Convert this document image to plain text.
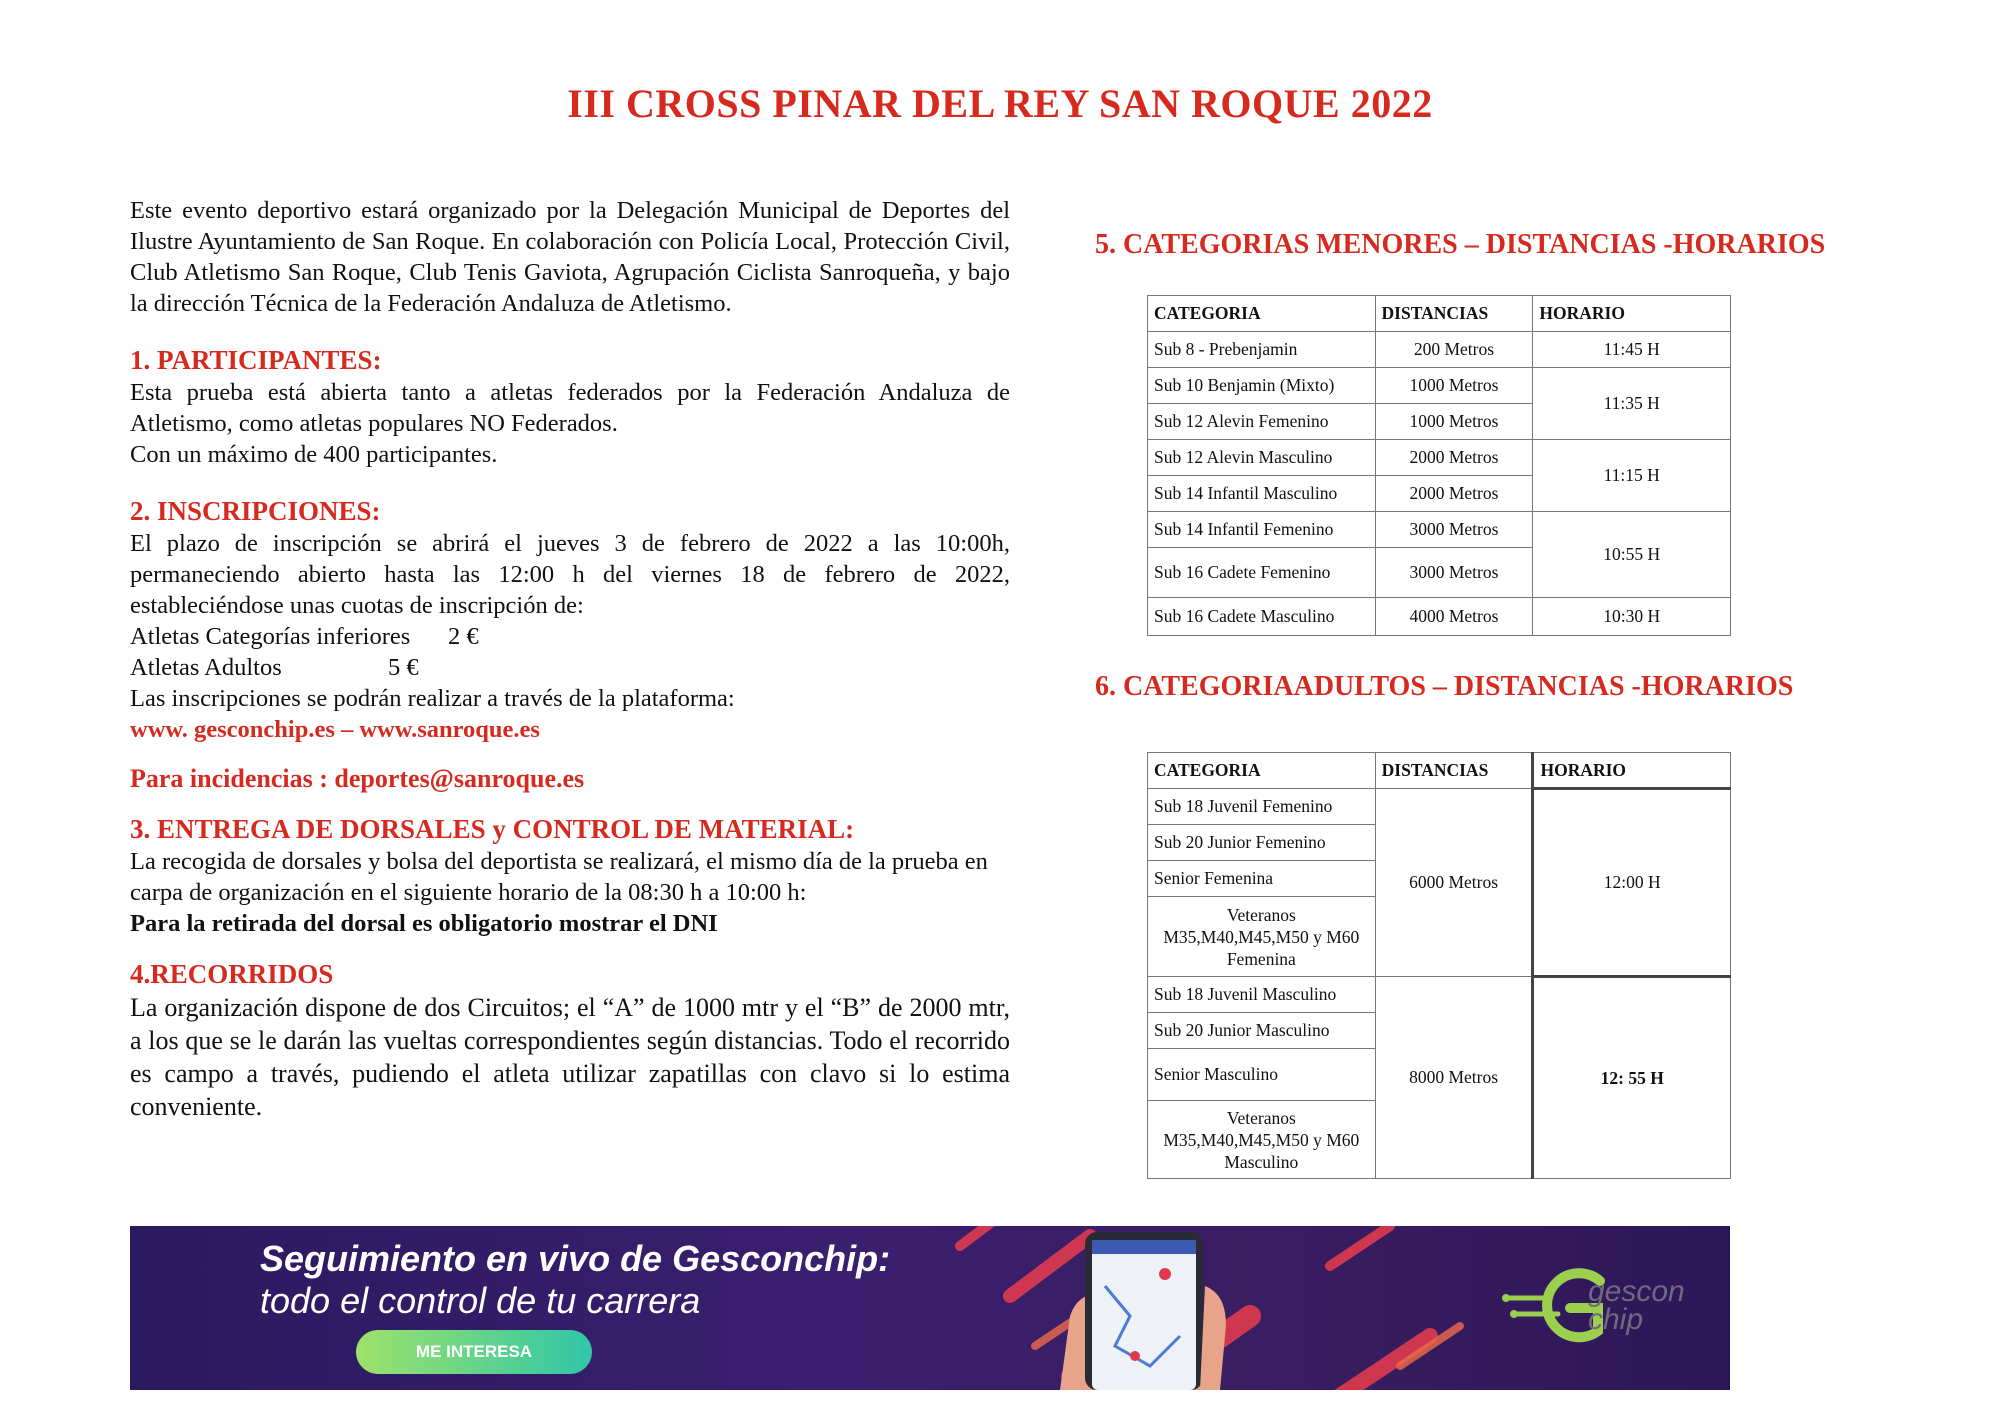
III CROSS PINAR DEL REY SAN ROQUE 2022

Este evento deportivo estará organizado por la Delegación Municipal de Deportes del Ilustre Ayuntamiento de San Roque. En colaboración con Policía Local, Protección Civil, Club Atletismo San Roque, Club Tenis Gaviota, Agrupación Ciclista Sanroqueña, y bajo la dirección Técnica de la Federación Andaluza de Atletismo.

1. PARTICIPANTES:

Esta prueba está abierta tanto a atletas federados por la Federación Andaluza de Atletismo, como atletas populares NO Federados.

Con un máximo de 400 participantes.

2. INSCRIPCIONES:

El plazo de inscripción se abrirá el jueves 3 de febrero de 2022 a las 10:00h, permaneciendo abierto hasta las 12:00 h del viernes 18 de febrero de 2022, estableciéndose unas cuotas de inscripción de:

Atletas Categorías inferiores 2 €

Atletas Adultos	5 €

Las inscripciones se podrán realizar a través de la plataforma:

www. gesconchip.es – www.sanroque.es

Para incidencias : deportes@sanroque.es

3. ENTREGA DE DORSALES y CONTROL DE MATERIAL:

La recogida de dorsales y bolsa del deportista se realizará, el mismo día de la prueba en carpa de organización en el siguiente horario de la 08:30 h a 10:00 h:

Para la retirada del dorsal es obligatorio mostrar el DNI

4.RECORRIDOS

La organización dispone de dos Circuitos; el “A” de 1000 mtr y el “B” de 2000 mtr, a los que se le darán las vueltas correspondientes según distancias. Todo el recorrido es campo a través, pudiendo el atleta utilizar zapatillas con clavo si lo estima conveniente.

5. CATEGORIAS MENORES – DISTANCIAS -HORARIOS
CATEGORIA	DISTANCIAS	HORARIO
Sub 8 - Prebenjamin	200 Metros	11:45 H
Sub 10 Benjamin (Mixto)	1000 Metros	11:35 H
Sub 12 Alevin Femenino	1000 Metros	
Sub 12 Alevin Masculino	2000 Metros	11:15 H
Sub 14 Infantil Masculino	2000 Metros	
Sub 14 Infantil Femenino	3000 Metros	10:55 H
Sub 16 Cadete Femenino	3000 Metros	
Sub 16 Cadete Masculino	4000 Metros	10:30 H
6. CATEGORIAADULTOS – DISTANCIAS -HORARIOS
CATEGORIA	DISTANCIAS	HORARIO
Sub 18 Juvenil Femenino	6000 Metros	12:00 H
Sub 20 Junior Femenino		
Senior Femenina		
Veteranos M35,M40,M45,M50 y M60 Femenina		
Sub 18 Juvenil Masculino	8000 Metros	12: 55 H
Sub 20 Junior Masculino		
Senior Masculino		
Veteranos M35,M40,M45,M50 y M60 Masculino		
Seguimiento en vivo de Gesconchip:
todo el control de tu carrera
ME INTERESA
gescon
chip
